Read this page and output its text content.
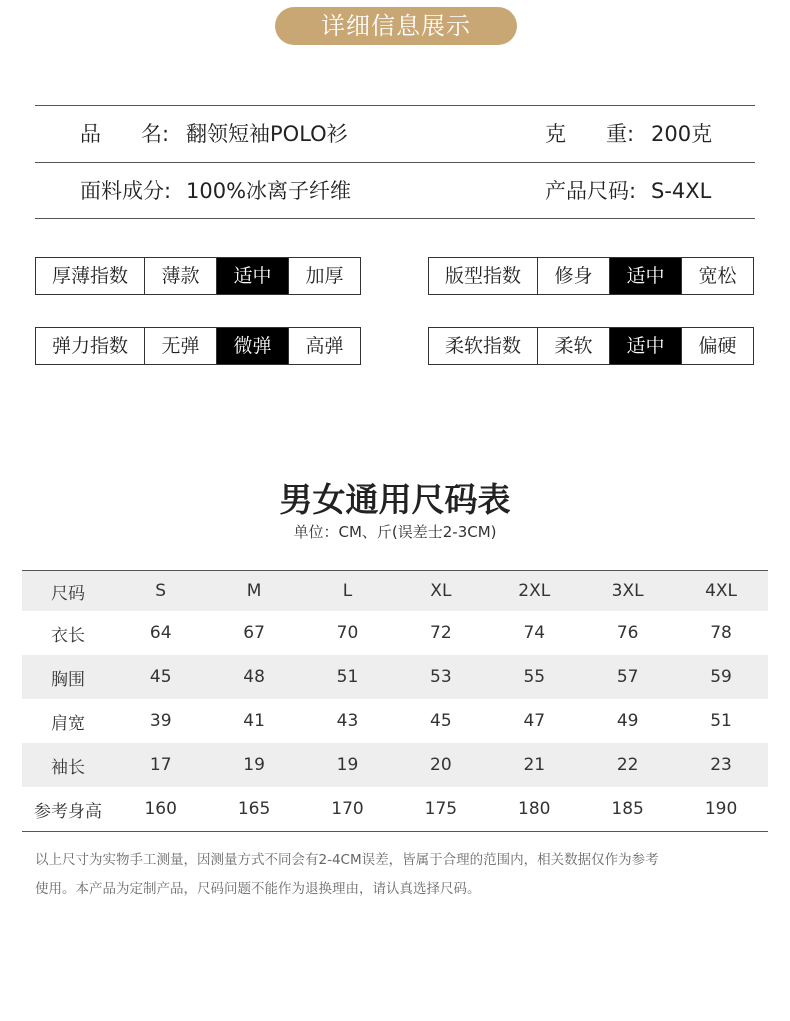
详细信息展示
品      名: 翻领短袖POLO衫	克      重: 200克
面料成分: 100%冰离子纤维	产品尺码: S-4XL
厚薄指数	薄款	适中	加厚	版型指数	修身	适中	宽松
弹力指数	无弹	微弹	高弹	柔软指数	柔软	适中	偏硬
男女通用尺码表
单位：CM、斤(误差士2-3CM)
尺码	S	M	L	XL	2XL	3XL	4XL
衣长	64	67	70	72	74	76	78
胸围	45	48	51	53	55	57	59
肩宽	39	41	43	45	47	49	51
袖长	17	19	19	20	21	22	23
参考身高	160	165	170	175	180	185	190
以上尺寸为实物手工测量，因测量方式不同会有2-4CM误差，皆属于合理的范围内，相关数据仅作为参考
使用。本产品为定制产品，尺码问题不能作为退换理由，请认真选择尺码。
